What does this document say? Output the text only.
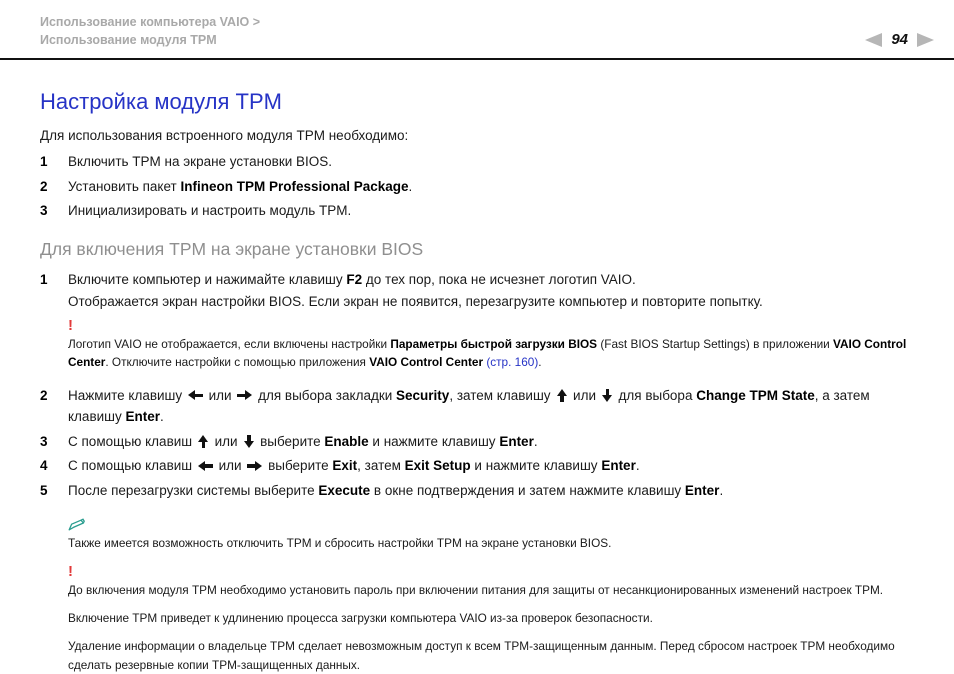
Использование компьютера VAIO >
Использование модуля TPM	94
Настройка модуля TPM

Для использования встроенного модуля TPM необходимо:

1	Включить TPM на экране установки BIOS.
2	Установить пакет Infineon TPM Professional Package.
3	Инициализировать и настроить модуль TPM.
Для включения TPM на экране установки BIOS
1	Включите компьютер и нажимайте клавишу F2 до тех пор, пока не исчезнет логотип VAIO.
Отображается экран настройки BIOS. Если экран не появится, перезагрузите компьютер и повторите попытку.
!
Логотип VAIO не отображается, если включены настройки Параметры быстрой загрузки BIOS (Fast BIOS Startup Settings) в приложении VAIO Control Center. Отключите настройки с помощью приложения VAIO Control Center (стр. 160).
2	Нажмите клавишу  или  для выбора закладки Security, затем клавишу  или  для выбора Change TPM State, а затем клавишу Enter.
3	С помощью клавиш  или  выберите Enable и нажмите клавишу Enter.
4	С помощью клавиш  или  выберите Exit, затем Exit Setup и нажмите клавишу Enter.
5	После перезагрузки системы выберите Execute в окне подтверждения и затем нажмите клавишу Enter.
Также имеется возможность отключить TPM и сбросить настройки TPM на экране установки BIOS.
!
До включения модуля TPM необходимо установить пароль при включении питания для защиты от несанкционированных изменений настроек TPM.
Включение TPM приведет к удлинению процесса загрузки компьютера VAIO из-за проверок безопасности.
Удаление информации о владельце TPM сделает невозможным доступ к всем TPM-защищенным данным. Перед сбросом настроек TPM необходимо сделать резервные копии TPM-защищенных данных.
